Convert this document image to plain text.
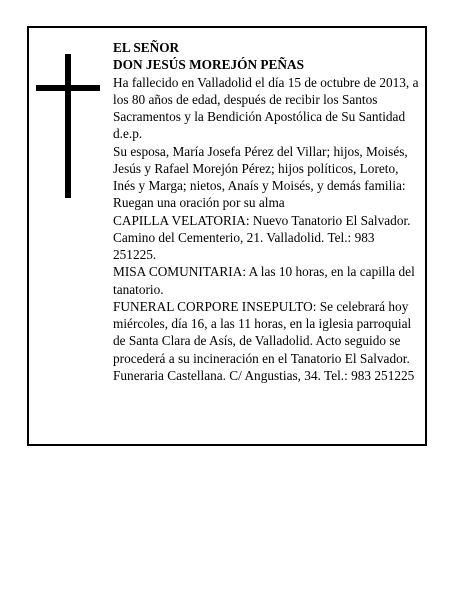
EL SEÑOR

DON JESÚS MOREJÓN PEÑAS

Ha fallecido en Valladolid el día 15 de octubre de 2013, a los 80 años de edad, después de recibir los Santos Sacramentos y la Bendición Apostólica de Su Santidad

d.e.p.

Su esposa, María Josefa Pérez del Villar; hijos, Moisés, Jesús y Rafael Morejón Pérez; hijos políticos, Loreto, Inés y Marga; nietos, Anaís y Moisés, y demás familia:

Ruegan una oración por su alma

CAPILLA VELATORIA: Nuevo Tanatorio El Salvador. Camino del Cementerio, 21. Valladolid. Tel.: 983 251225.

MISA COMUNITARIA: A las 10 horas, en la capilla del tanatorio.

FUNERAL CORPORE INSEPULTO: Se celebrará hoy miércoles, día 16, a las 11 horas, en la iglesia parroquial de Santa Clara de Asís, de Valladolid. Acto seguido se procederá a su incineración en el Tanatorio El Salvador.

Funeraria Castellana. C/ Angustias, 34. Tel.: 983 251225
